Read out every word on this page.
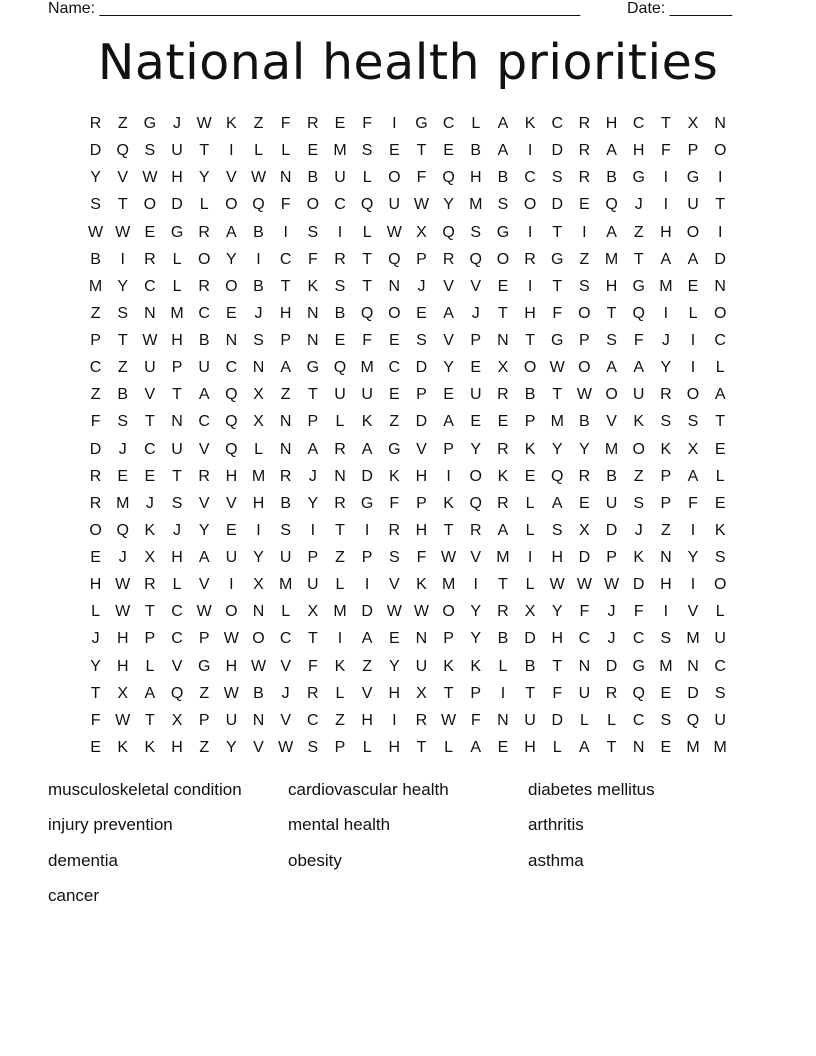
Name: ______________________________________________________	Date: _______
National health priorities
R	Z	G	J W K	Z	F	R	E	F	I	G C	L	A	K	C R H C	T	X	N
D Q S	U	T	I	L	L	E M S	E	T	E	B	A	I	D R	A	H	F	P O
Y	V W H	Y	V W N	B	U	L	O	F	Q H	B	C	S	R	B G	I	G	I
S	T	O D	L	O Q	F	O C Q U W Y M S O D	E Q	J	I	U	T
W W E G R	A	B	I	S	I	L W X Q S G	I	T	I	A	Z	H O	I
B	I	R	L	O Y	I	C	F	R	T	Q P	R Q O R G	Z M T	A	A	D
M Y	C	L	R O B	T	K	S	T	N	J	V	V	E	I	T	S	H G M E	N
Z	S	N M C	E	J	H N	B Q O E	A	J	T	H	F	O	T	Q	I	L	O
P	T W H	B	N	S	P	N	E	F	E	S	V	P	N	T	G P	S	F	J	I	C
C	Z	U	P	U C N	A G Q M C D	Y	E	X O W O A	A	Y	I	L
Z	B	V	T	A Q X	Z	T	U U	E	P	E	U R	B	T W O U R O A
F	S	T	N C Q X	N	P	L	K	Z	D	A	E	E	P M B	V	K	S	S	T
D	J	C U	V Q	L	N	A	R	A G V	P	Y	R	K	Y	Y M O K	X	E
R	E	E	T	R H M R	J	N D	K	H	I	O K	E Q R	B	Z	P	A	L
R M	J	S	V	V	H	B	Y	R G	F	P	K Q R	L	A	E	U	S	P	F	E
O Q K	J	Y	E	I	S	I	T	I	R H	T	R	A	L	S	X	D	J	Z	I	K
E	J	X	H	A	U	Y	U	P	Z	P	S	F W V M	I	H D	P	K	N	Y	S
H W R	L	V	I	X M U	L	I	V	K M	I	T	L W W W D H	I	O
L W T	C W O N	L	X M D W W O Y	R	X	Y	F	J	F	I	V	L
J	H	P	C	P W O C	T	I	A	E	N	P	Y	B	D H C	J	C	S M U
Y	H	L	V G H W V	F	K	Z	Y	U	K	K	L	B	T	N D G M N C
T	X	A Q	Z W B	J	R	L	V	H	X	T	P	I	T	F	U R Q E	D	S
F W T	X	P	U N	V	C	Z	H	I	R W F	N U D	L	L	C	S Q U
E	K	K	H	Z	Y	V W S	P	L	H	T	L	A	E	H	L	A	T	N	E M M
musculoskeletal condition	cardiovascular health	diabetes mellitus
injury prevention	mental health	arthritis
dementia	obesity	asthma
cancer
